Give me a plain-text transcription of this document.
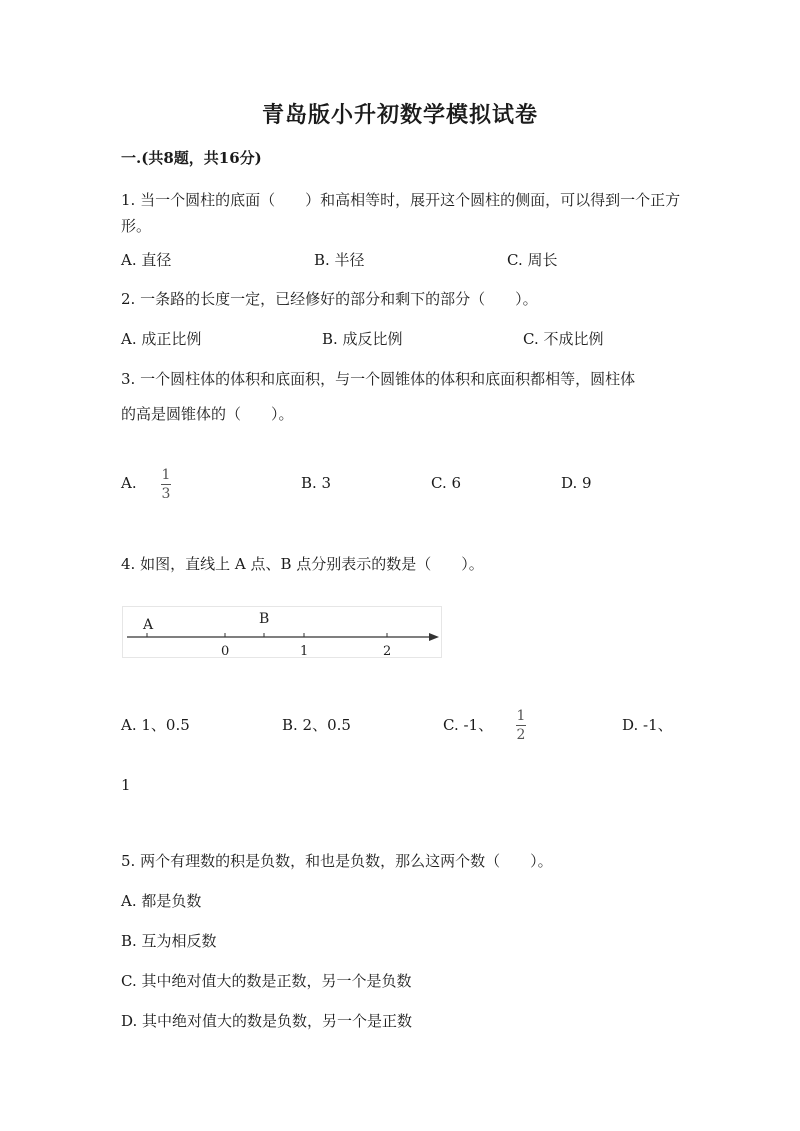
青岛版小升初数学模拟试卷
一.(共8题，共16分)
1. 当一个圆柱的底面（　　）和高相等时，展开这个圆柱的侧面，可以得到一个正方形。
A. 直径	B. 半径	C. 周长
2. 一条路的长度一定，已经修好的部分和剩下的部分（　　）。
A. 成正比例	B. 成反比例	C. 不成比例
3. 一个圆柱体的体积和底面积，与一个圆锥体的体积和底面积都相等，圆柱体
的高是圆锥体的（　　）。
A. 1
3
B. 3	C. 6	D. 9
4. 如图，直线上 A 点、B 点分别表示的数是（　　）。
A	B
0	1	2
A. 1、0.5	B. 2、0.5	C. -1、 1
2
D. -1、
1
5. 两个有理数的积是负数，和也是负数，那么这两个数（　　）。
A. 都是负数
B. 互为相反数
C. 其中绝对值大的数是正数，另一个是负数
D. 其中绝对值大的数是负数，另一个是正数
